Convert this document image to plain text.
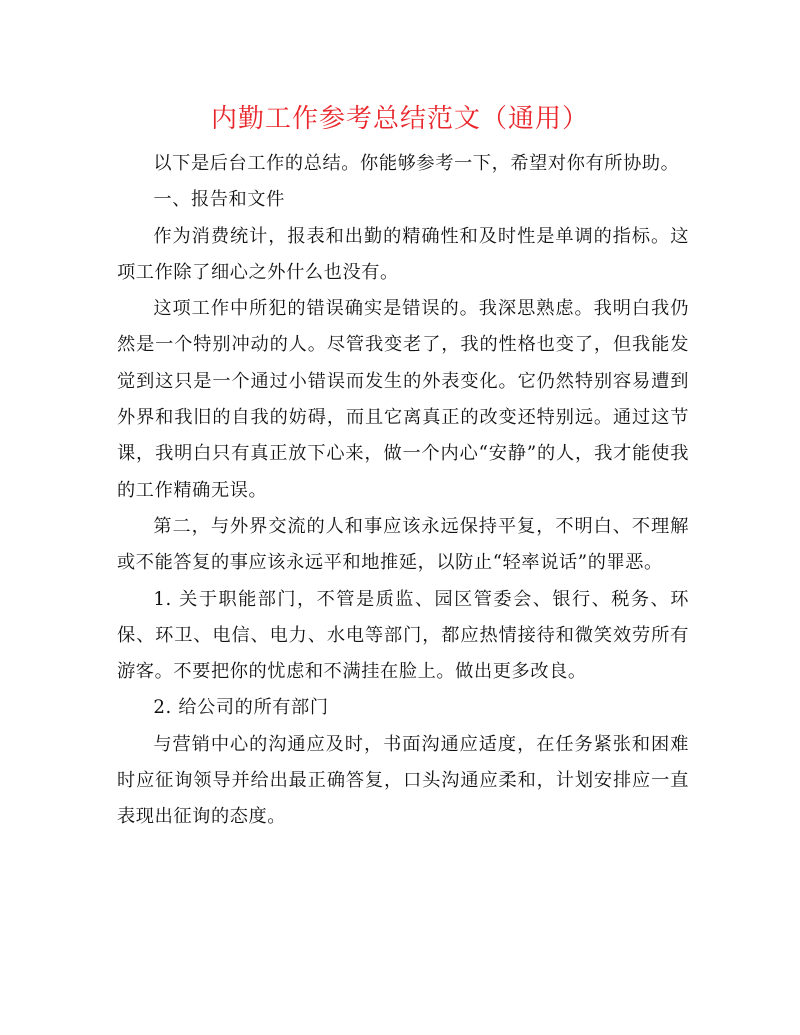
内勤工作参考总结范文（通用）

以下是后台工作的总结。你能够参考一下，希望对你有所协助。

一、报告和文件

作为消费统计，报表和出勤的精确性和及时性是单调的指标。这项工作除了细心之外什么也没有。

这项工作中所犯的错误确实是错误的。我深思熟虑。我明白我仍然是一个特别冲动的人。尽管我变老了，我的性格也变了，但我能发觉到这只是一个通过小错误而发生的外表变化。它仍然特别容易遭到外界和我旧的自我的妨碍，而且它离真正的改变还特别远。通过这节课，我明白只有真正放下心来，做一个内心“安静”的人，我才能使我的工作精确无误。

第二，与外界交流的人和事应该永远保持平复，不明白、不理解或不能答复的事应该永远平和地推延，以防止“轻率说话”的罪恶。

1. 关于职能部门，不管是质监、园区管委会、银行、税务、环保、环卫、电信、电力、水电等部门，都应热情接待和微笑效劳所有游客。不要把你的忧虑和不满挂在脸上。做出更多改良。

2. 给公司的所有部门

与营销中心的沟通应及时，书面沟通应适度，在任务紧张和困难时应征询领导并给出最正确答复，口头沟通应柔和，计划安排应一直表现出征询的态度。
